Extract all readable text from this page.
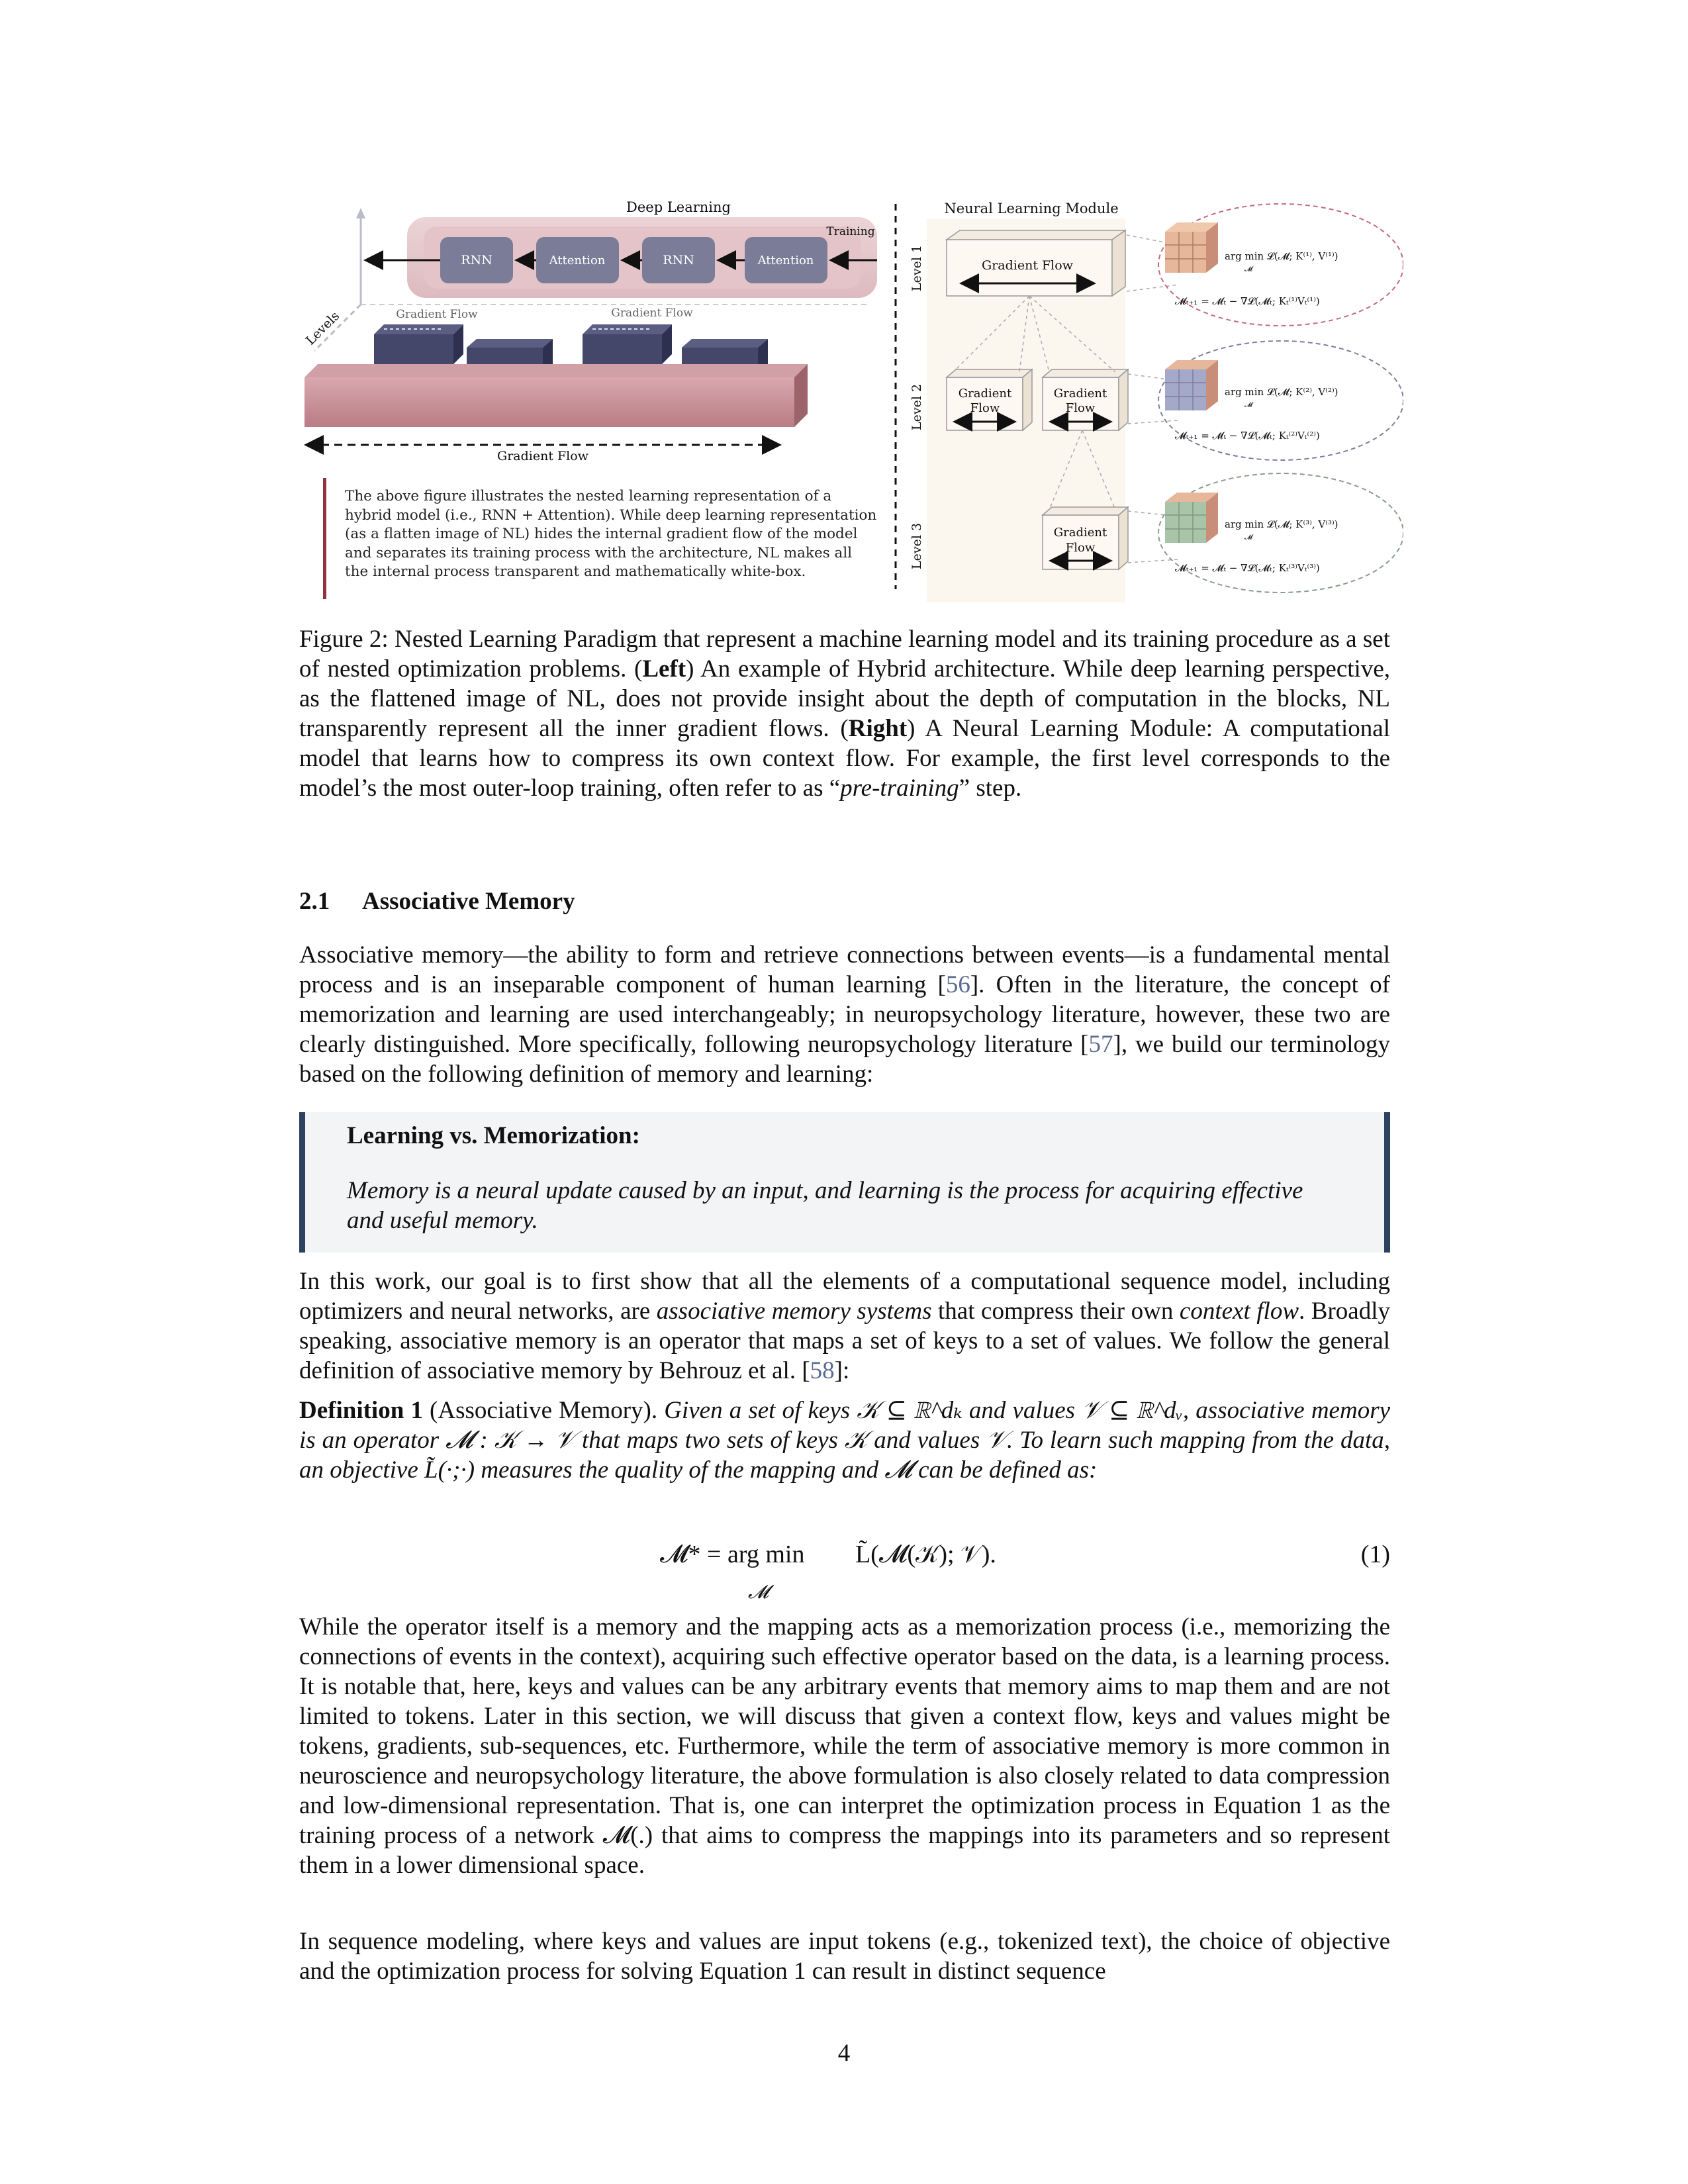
Deep Learning
RNN	Attention	RNN	Attention
Training
Levels	Gradient Flow	Gradient Flow
Gradient Flow
Neural Learning Module
Level 1
Level 2
Level 3
Gradient Flow
Gradient
Flow
Gradient
Flow
Gradient
Flow
arg min 𝓛(𝓜; K⁽¹⁾, V⁽¹⁾)
𝓜
𝓜ₜ₊₁ = 𝓜ₜ − ∇𝓛(𝓜ₜ; Kₜ⁽¹⁾Vₜ⁽¹⁾)
arg min 𝓛(𝓜; K⁽²⁾, V⁽²⁾)
𝓜
𝓜ₜ₊₁ = 𝓜ₜ − ∇𝓛(𝓜ₜ; Kₜ⁽²⁾Vₜ⁽²⁾)
arg min 𝓛(𝓜; K⁽³⁾, V⁽³⁾)
𝓜
𝓜ₜ₊₁ = 𝓜ₜ − ∇𝓛(𝓜ₜ; Kₜ⁽³⁾Vₜ⁽³⁾)
The above figure illustrates the nested learning representation of a hybrid model (i.e., RNN + Attention). While deep learning representation (as a flatten image of NL) hides the internal gradient flow of the model and separates its training process with the architecture, NL makes all the internal process transparent and mathematically white-box.
Figure 2: Nested Learning Paradigm that represent a machine learning model and its training procedure as a set of nested optimization problems. (Left) An example of Hybrid architecture. While deep learning perspective, as the flattened image of NL, does not provide insight about the depth of computation in the blocks, NL transparently represent all the inner gradient flows. (Right) A Neural Learning Module: A computational model that learns how to compress its own context flow. For example, the first level corresponds to the model’s the most outer-loop training, often refer to as “pre-training” step.
2.1 Associative Memory

Associative memory—the ability to form and retrieve connections between events—is a fundamental mental process and is an inseparable component of human learning [56]. Often in the literature, the concept of memorization and learning are used interchangeably; in neuropsychology literature, however, these two are clearly distinguished. More specifically, following neuropsychology literature [57], we build our terminology based on the following definition of memory and learning:

Learning vs. Memorization:
Memory is a neural update caused by an input, and learning is the process for acquiring effective and useful memory.

In this work, our goal is to first show that all the elements of a computational sequence model, including optimizers and neural networks, are associative memory systems that compress their own context flow. Broadly speaking, associative memory is an operator that maps a set of keys to a set of values. We follow the general definition of associative memory by Behrouz et al. [58]:

Definition 1 (Associative Memory). Given a set of keys 𝒦 ⊆ ℝ^dₖ and values 𝒱 ⊆ ℝ^dᵥ, associative memory is an operator 𝓜 : 𝒦 → 𝒱 that maps two sets of keys 𝒦 and values 𝒱. To learn such mapping from the data, an objective L̃(·;·) measures the quality of the mapping and 𝓜 can be defined as:

𝓜* = arg min
𝓜
L̃(𝓜(𝒦); 𝒱).	(1)
While the operator itself is a memory and the mapping acts as a memorization process (i.e., memorizing the connections of events in the context), acquiring such effective operator based on the data, is a learning process. It is notable that, here, keys and values can be any arbitrary events that memory aims to map them and are not limited to tokens. Later in this section, we will discuss that given a context flow, keys and values might be tokens, gradients, sub-sequences, etc. Furthermore, while the term of associative memory is more common in neuroscience and neuropsychology literature, the above formulation is also closely related to data compression and low-dimensional representation. That is, one can interpret the optimization process in Equation 1 as the training process of a network 𝓜(.) that aims to compress the mappings into its parameters and so represent them in a lower dimensional space.
In sequence modeling, where keys and values are input tokens (e.g., tokenized text), the choice of objective and the optimization process for solving Equation 1 can result in distinct sequence
4
